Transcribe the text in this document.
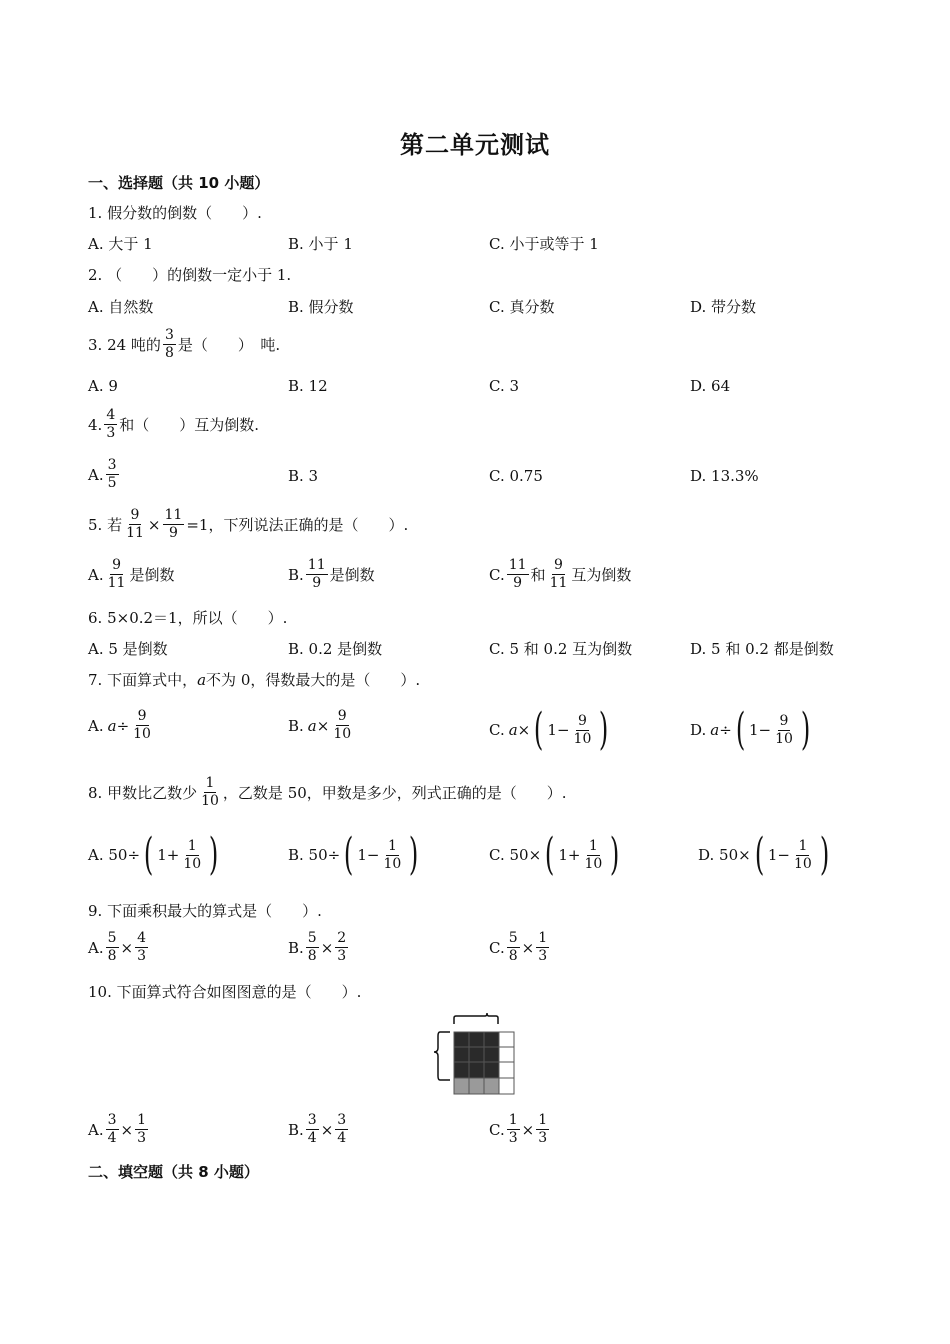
第二单元测试
一、选择题（共 10 小题）
1. 假分数的倒数（　　）.
A. 大于 1	B. 小于 1	C. 小于或等于 1
2. （　　）的倒数一定小于 1.
A. 自然数	B. 假分数	C. 真分数	D. 带分数
3. 24 吨的 $\frac{3}{8}$ 是（　　）　吨.
A. 9	B. 12	C. 3	D. 64
4. $\frac{4}{3}$ 和（　　）互为倒数.
A. $\frac{3}{5}$	B. 3	C. 0.75	D. 13.3%
5. 若 $\frac{9}{11} \times \frac{11}{9} =1$，下列说法正确的是（　　）.
A. $\frac{9}{11}$ 是倒数	B. $\frac{11}{9}$ 是倒数	C. $\frac{11}{9}$ 和 $\frac{9}{11}$ 互为倒数
6. 5×0.2＝1，所以（　　）.
A. 5 是倒数	B. 0.2 是倒数	C. 5 和 0.2 互为倒数	D. 5 和 0.2 都是倒数
7. 下面算式中， a 不为 0，得数最大的是（　　）.
A. $a \div \frac{9}{10}$	B. $a \times \frac{9}{10}$	C. a × ( $1- \frac{9}{10}$ )	D. a ÷ ( $1- \frac{9}{10}$ )
8. 甲数比乙数少 $\frac{1}{10}$ ，乙数是 50，甲数是多少，列式正确的是（　　）.
A. 50÷ ( $1+ \frac{1}{10}$ )	B. 50÷ ( $1- \frac{1}{10}$ )	C. 50× ( $1+ \frac{1}{10}$ )	D. 50× ( $1- \frac{1}{10}$ )
9. 下面乘积最大的算式是（　　）.
A. $\frac{5}{8} \times \frac{4}{3}$	B. $\frac{5}{8} \times \frac{2}{3}$	C. $\frac{5}{8} \times \frac{1}{3}$
10. 下面算式符合如图图意的是（　　）.
A. $\frac{3}{4} \times \frac{1}{3}$	B. $\frac{3}{4} \times \frac{3}{4}$	C. $\frac{1}{3} \times \frac{1}{3}$
二、填空题（共 8 小题）
